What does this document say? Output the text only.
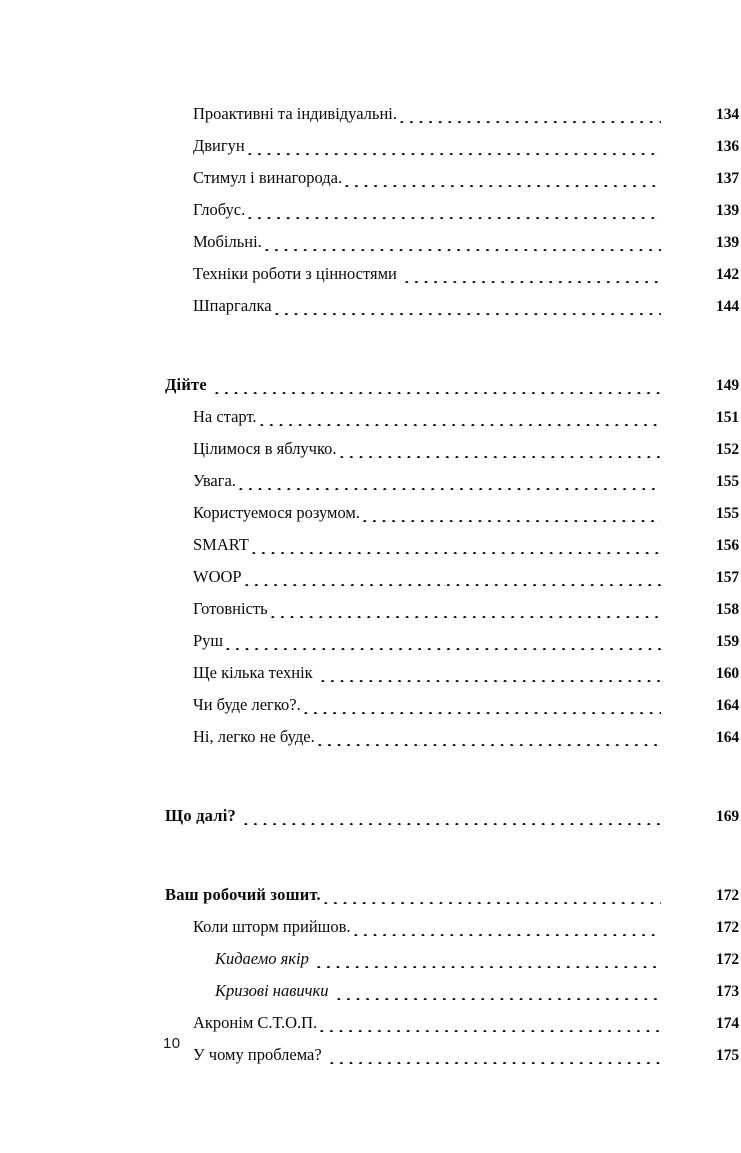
Проактивні та індивідуальні.	134
Двигун	136
Стимул і винагорода.	137
Глобус.	139
Мобільні.	139
Техніки роботи з цінностями	142
Шпаргалка	144
Дійте	149
На старт.	151
Цілимося в яблучко.	152
Увага.	155
Користуемося розумом.	155
SMART	156
WOOP	157
Готовність	158
Руш	159
Ще кілька технік	160
Чи буде легко?.	164
Ні, легко не буде.	164
Що далі?	169
Ваш робочий зошит.	172
Коли шторм прийшов.	172
Кидаемо якір	172
Кризові навички	173
Акронім С.Т.О.П.	174
У чому проблема?	175
10
